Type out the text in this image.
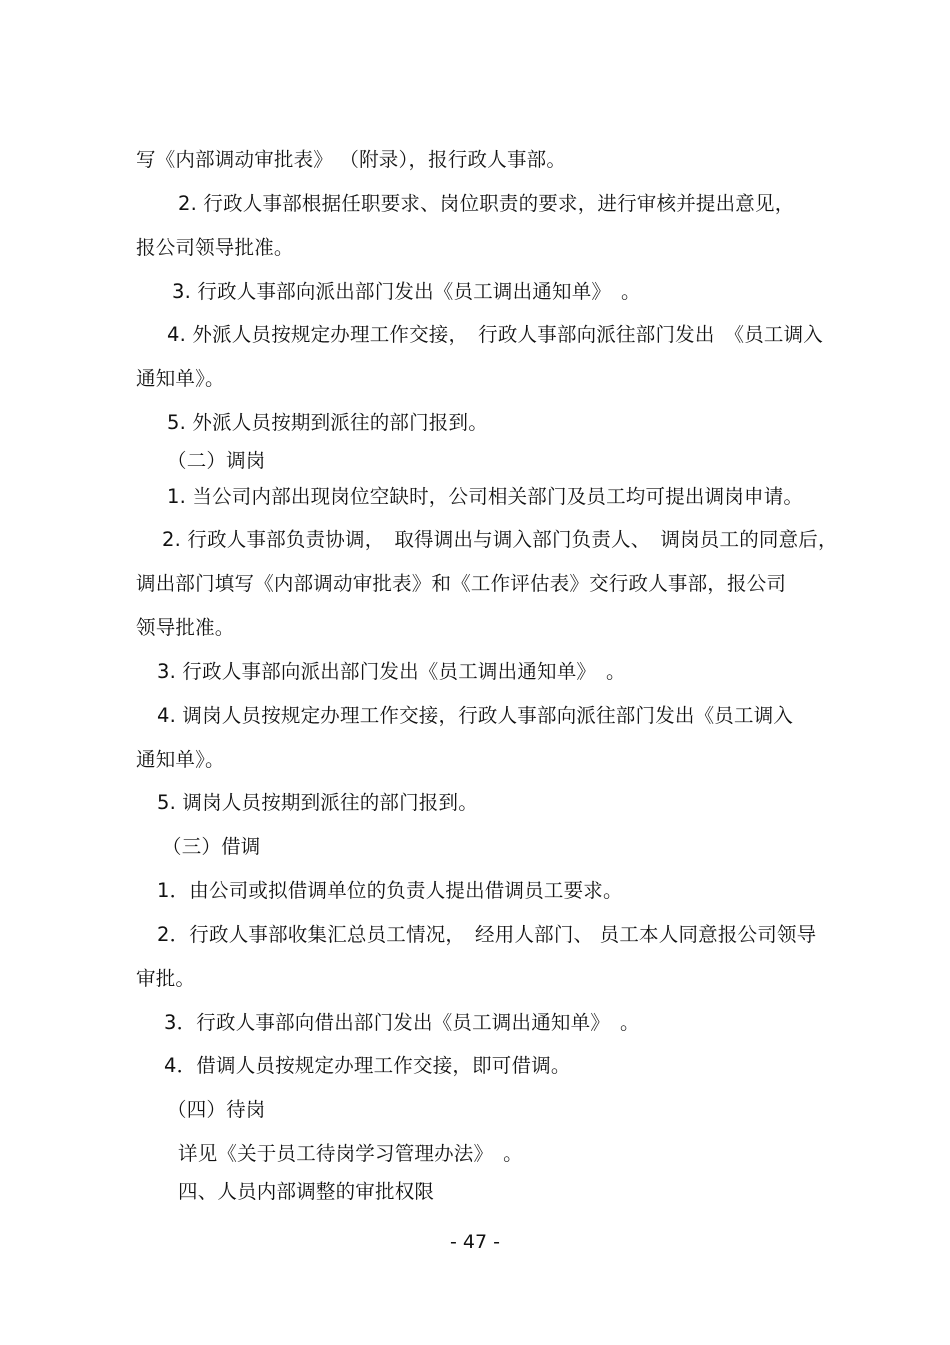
写《内部调动审批表》 （附录），报行政人事部。
2. 行政人事部根据任职要求、岗位职责的要求，进行审核并提出意见，
报公司领导批准。
3. 行政人事部向派出部门发出《员工调出通知单》　。
4. 外派人员按规定办理工作交接，　行政人事部向派往部门发出　《员工调入
通知单》。
5. 外派人员按期到派往的部门报到。
（二）调岗
1. 当公司内部出现岗位空缺时，公司相关部门及员工均可提出调岗申请。
2. 行政人事部负责协调，　取得调出与调入部门负责人、　调岗员工的同意后，
调出部门填写《内部调动审批表》和《工作评估表》交行政人事部，报公司
领导批准。
3. 行政人事部向派出部门发出《员工调出通知单》　。
4. 调岗人员按规定办理工作交接，行政人事部向派往部门发出《员工调入
通知单》。
5. 调岗人员按期到派往的部门报到。
（三）借调
1．由公司或拟借调单位的负责人提出借调员工要求。
2．行政人事部收集汇总员工情况，　经用人部门、 员工本人同意报公司领导
审批。
3．行政人事部向借出部门发出《员工调出通知单》　。
4．借调人员按规定办理工作交接，即可借调。
（四）待岗
详见《关于员工待岗学习管理办法》　。
四、人员内部调整的审批权限
- 47 -
